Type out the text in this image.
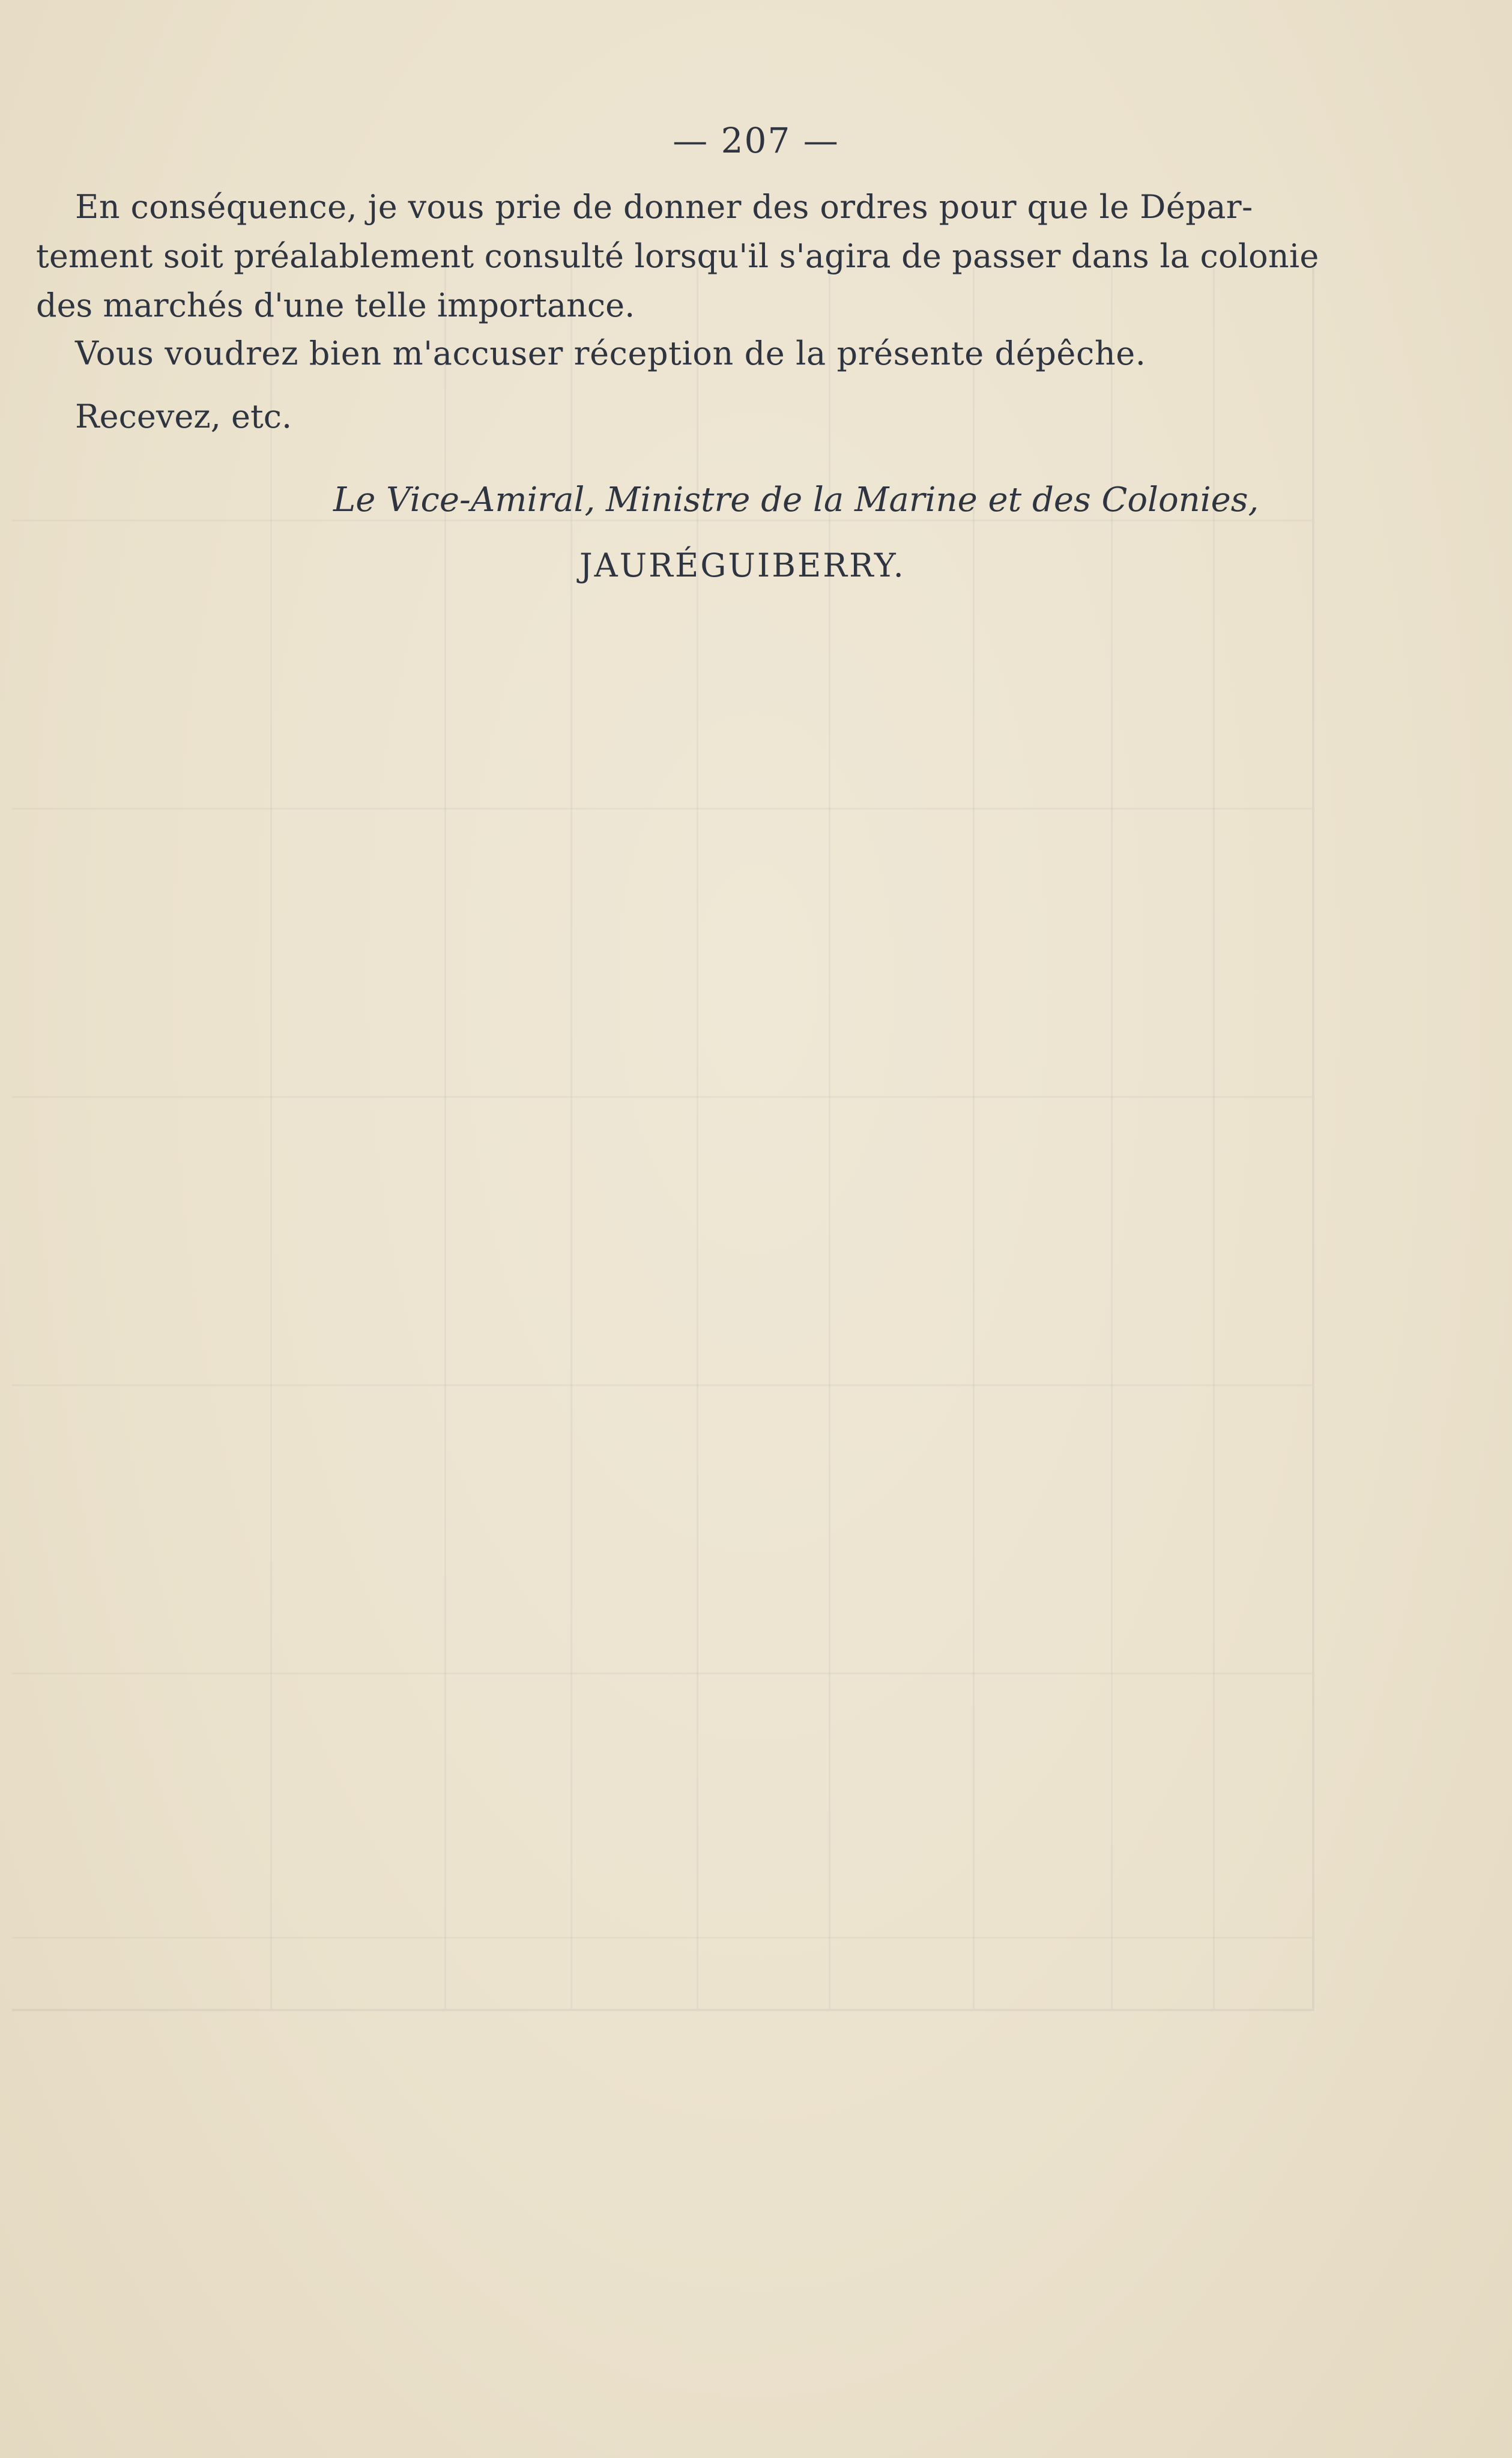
— 207 —
En conséquence, je vous prie de donner des ordres pour que le Dépar-
tement soit préalablement consulté lorsqu'il s'agira de passer dans la colonie
des marchés d'une telle importance.
Vous voudrez bien m'accuser réception de la présente dépêche.
Recevez, etc.
Le Vice-Amiral, Ministre de la Marine et des Colonies,
JAURÉGUIBERRY.
